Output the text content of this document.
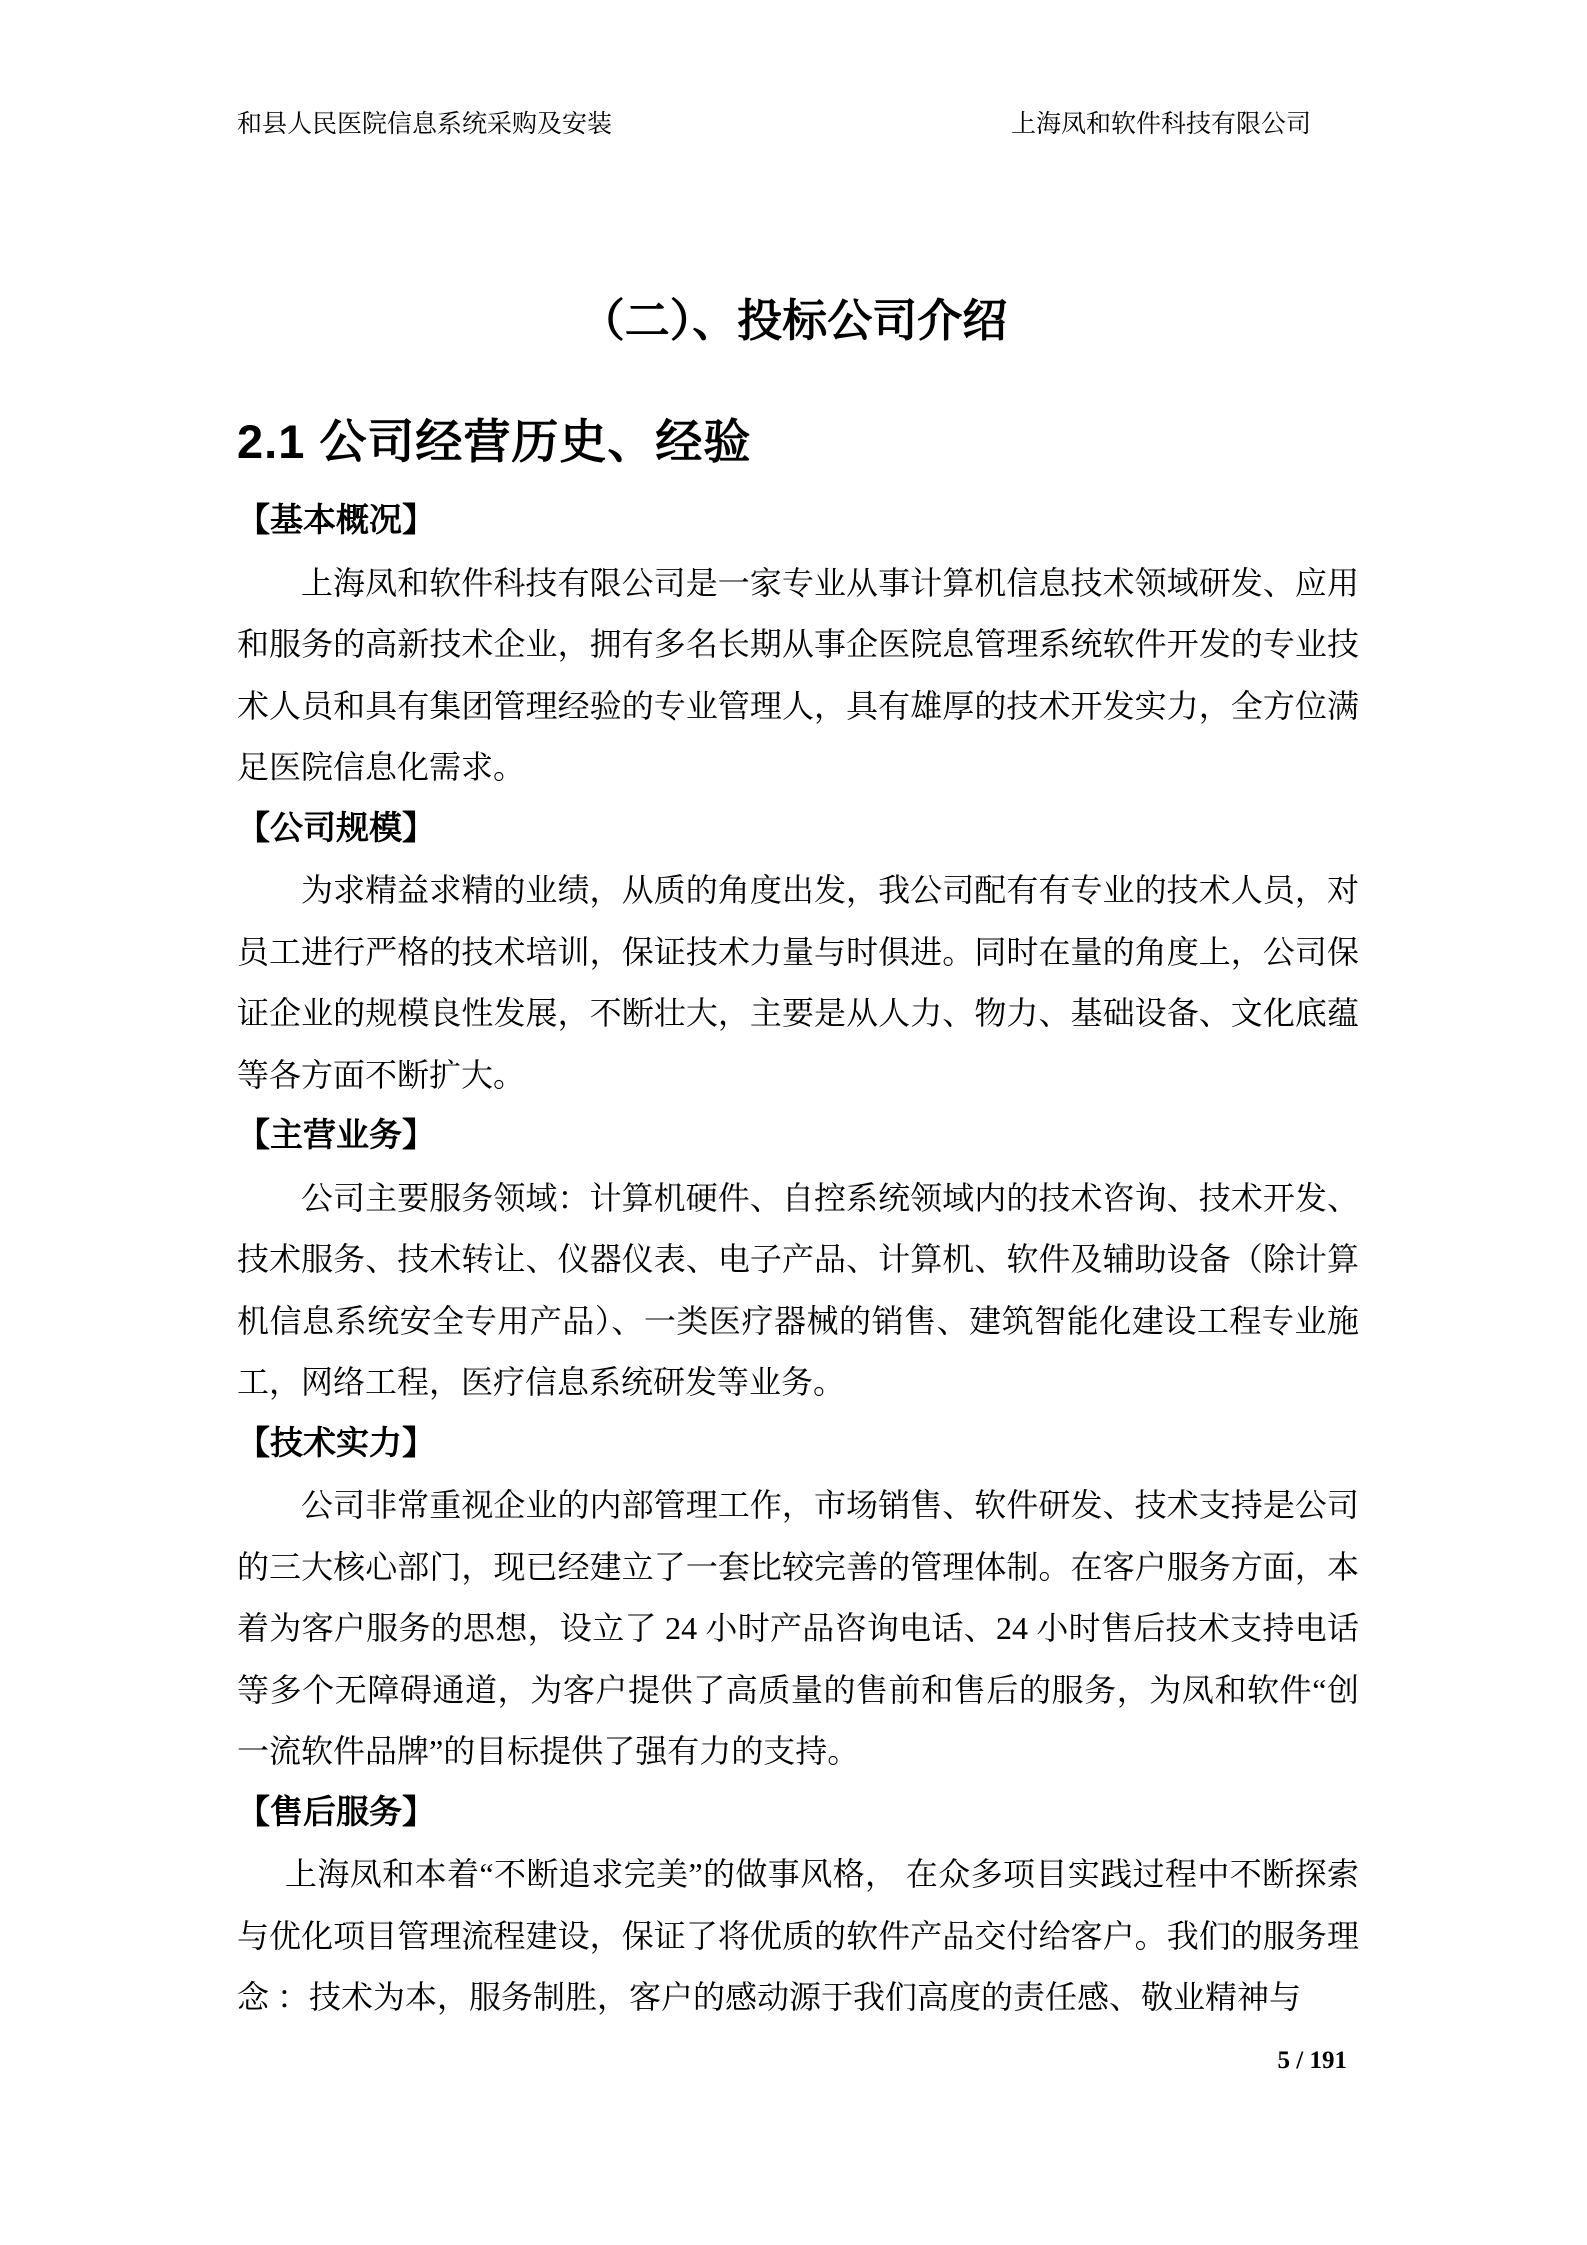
和县人民医院信息系统采购及安装	上海凤和软件科技有限公司
（二）、投标公司介绍
2.1 公司经营历史、经验
【基本概况】

上海凤和软件科技有限公司是一家专业从事计算机信息技术领域研发、应用和服务的高新技术企业，拥有多名长期从事企医院息管理系统软件开发的专业技术人员和具有集团管理经验的专业管理人，具有雄厚的技术开发实力，全方位满足医院信息化需求。

【公司规模】

为求精益求精的业绩，从质的角度出发，我公司配有有专业的技术人员，对员工进行严格的技术培训，保证技术力量与时俱进。同时在量的角度上，公司保证企业的规模良性发展，不断壮大，主要是从人力、物力、基础设备、文化底蕴等各方面不断扩大。

【主营业务】

公司主要服务领域：计算机硬件、自控系统领域内的技术咨询、技术开发、技术服务、技术转让、仪器仪表、电子产品、计算机、软件及辅助设备（除计算机信息系统安全专用产品）、一类医疗器械的销售、建筑智能化建设工程专业施工，网络工程，医疗信息系统研发等业务。

【技术实力】

公司非常重视企业的内部管理工作，市场销售、软件研发、技术支持是公司的三大核心部门，现已经建立了一套比较完善的管理体制。在客户服务方面，本着为客户服务的思想，设立了 24 小时产品咨询电话、24 小时售后技术支持电话等多个无障碍通道，为客户提供了高质量的售前和售后的服务，为凤和软件“创一流软件品牌”的目标提供了强有力的支持。

【售后服务】

上海凤和本着“不断追求完美”的做事风格， 在众多项目实践过程中不断探索与优化项目管理流程建设，保证了将优质的软件产品交付给客户。我们的服务理念 ：技术为本，服务制胜，客户的感动源于我们高度的责任感、敬业精神与

5 / 191
